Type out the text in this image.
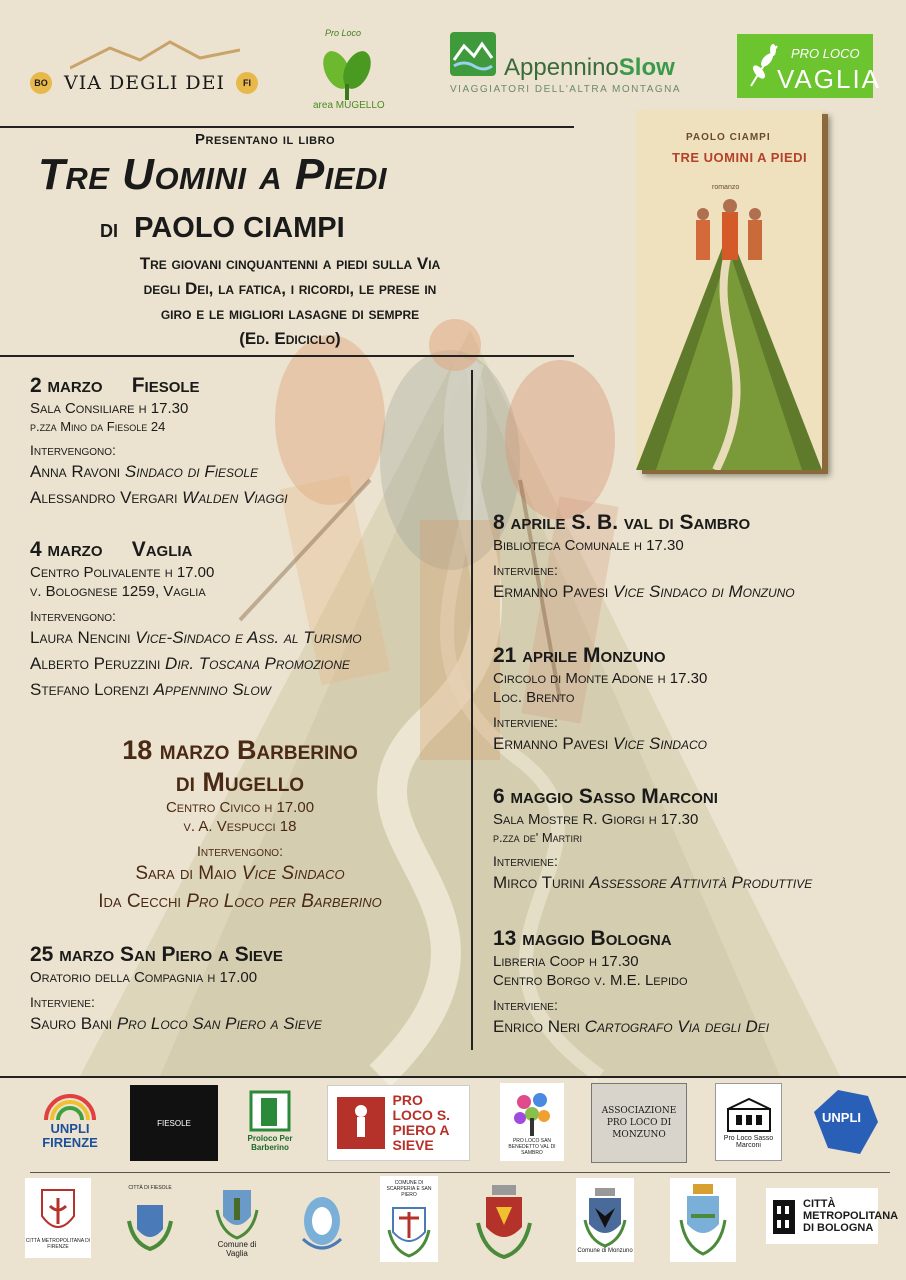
BO VIA DEGLI DEI	FI
Pro Loco
area MUGELLO
AppenninoSlow
VIAGGIATORI DELL'ALTRA MONTAGNA
PRO LOCO
VAGLIA
Presentano il libro
Tre Uomini a Piedi
di PAOLO CIAMPI
Tre giovani cinquantenni a piedi sulla Via
degli Dei, la fatica, i ricordi, le prese in
giro e le migliori lasagne di sempre
(Ed. Ediciclo)
PAOLO CIAMPI
TRE UOMINI A PIEDI
romanzo
2 marzo Fiesole
Sala Consiliare h 17.30
p.zza Mino da Fiesole 24
Intervengono:
Anna Ravoni Sindaco di Fiesole
Alessandro Vergari Walden Viaggi
4 marzo Vaglia
Centro Polivalente h 17.00
v. Bolognese 1259, Vaglia
Intervengono:
Laura Nencini Vice-Sindaco e Ass. al Turismo
Alberto Peruzzini Dir. Toscana Promozione
Stefano Lorenzi Appennino Slow
18 marzo Barberino
di Mugello
Centro Civico h 17.00
v. A. Vespucci 18
Intervengono:
Sara di Maio Vice Sindaco
Ida Cecchi Pro Loco per Barberino
25 marzo San Piero a Sieve
Oratorio della Compagnia h 17.00
Interviene:
Sauro Bani Pro Loco San Piero a Sieve
8 aprile S. B. val di Sambro
Biblioteca Comunale h 17.30
Interviene:
Ermanno Pavesi Vice Sindaco di Monzuno
21 aprile Monzuno
Circolo di Monte Adone h 17.30
Loc. Brento
Interviene:
Ermanno Pavesi Vice Sindaco
6 maggio Sasso Marconi
Sala Mostre R. Giorgi h 17.30
p.zza de' Martiri
Interviene:
Mirco Turini Assessore Attività Produttive
13 maggio Bologna
Libreria Coop h 17.30
Centro Borgo v. M.E. Lepido
Interviene:
Enrico Neri Cartografo Via degli Dei
UNPLI FIRENZE
FIESOLE
Proloco Per Barberino
PRO LOCO S. PIERO A SIEVE	PRO LOCO SAN BENEDETTO VAL DI SAMBRO
ASSOCIAZIONE PRO LOCO DI MONZUNO	Pro Loco Sasso Marconi
UNPLI
CITTÀ METROPOLITANA DI FIRENZE
CITTÀ DI FIESOLE
Comune di Vaglia
COMUNE DI SCARPERIA E SAN PIERO
Comune di Monzuno
CITTÀ METROPOLITANA DI BOLOGNA
